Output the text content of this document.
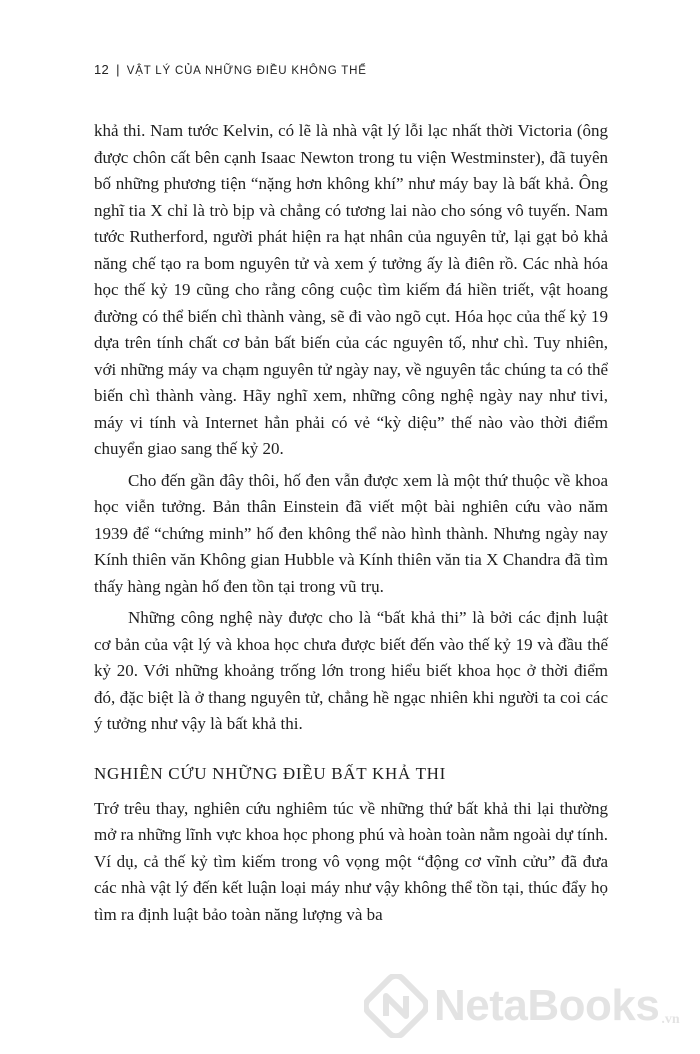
12 | VẬT LÝ CỦA NHỮNG ĐIỀU KHÔNG THỂ

khả thi. Nam tước Kelvin, có lẽ là nhà vật lý lỗi lạc nhất thời Victoria (ông được chôn cất bên cạnh Isaac Newton trong tu viện Westminster), đã tuyên bố những phương tiện “nặng hơn không khí” như máy bay là bất khả. Ông nghĩ tia X chỉ là trò bịp và chẳng có tương lai nào cho sóng vô tuyến. Nam tước Rutherford, người phát hiện ra hạt nhân của nguyên tử, lại gạt bỏ khả năng chế tạo ra bom nguyên tử và xem ý tưởng ấy là điên rồ. Các nhà hóa học thế kỷ 19 cũng cho rằng công cuộc tìm kiếm đá hiền triết, vật hoang đường có thể biến chì thành vàng, sẽ đi vào ngõ cụt. Hóa học của thế kỷ 19 dựa trên tính chất cơ bản bất biến của các nguyên tố, như chì. Tuy nhiên, với những máy va chạm nguyên tử ngày nay, về nguyên tắc chúng ta có thể biến chì thành vàng. Hãy nghĩ xem, những công nghệ ngày nay như tivi, máy vi tính và Internet hẳn phải có vẻ “kỳ diệu” thế nào vào thời điểm chuyển giao sang thế kỷ 20.

Cho đến gần đây thôi, hố đen vẫn được xem là một thứ thuộc về khoa học viễn tưởng. Bản thân Einstein đã viết một bài nghiên cứu vào năm 1939 để “chứng minh” hố đen không thể nào hình thành. Nhưng ngày nay Kính thiên văn Không gian Hubble và Kính thiên văn tia X Chandra đã tìm thấy hàng ngàn hố đen tồn tại trong vũ trụ.

Những công nghệ này được cho là “bất khả thi” là bởi các định luật cơ bản của vật lý và khoa học chưa được biết đến vào thế kỷ 19 và đầu thế kỷ 20. Với những khoảng trống lớn trong hiểu biết khoa học ở thời điểm đó, đặc biệt là ở thang nguyên tử, chẳng hề ngạc nhiên khi người ta coi các ý tưởng như vậy là bất khả thi.

NGHIÊN CỨU NHỮNG ĐIỀU BẤT KHẢ THI

Trớ trêu thay, nghiên cứu nghiêm túc về những thứ bất khả thi lại thường mở ra những lĩnh vực khoa học phong phú và hoàn toàn nằm ngoài dự tính. Ví dụ, cả thế kỷ tìm kiếm trong vô vọng một “động cơ vĩnh cửu” đã đưa các nhà vật lý đến kết luận loại máy như vậy không thể tồn tại, thúc đẩy họ tìm ra định luật bảo toàn năng lượng và ba

NetaBooks .vn
